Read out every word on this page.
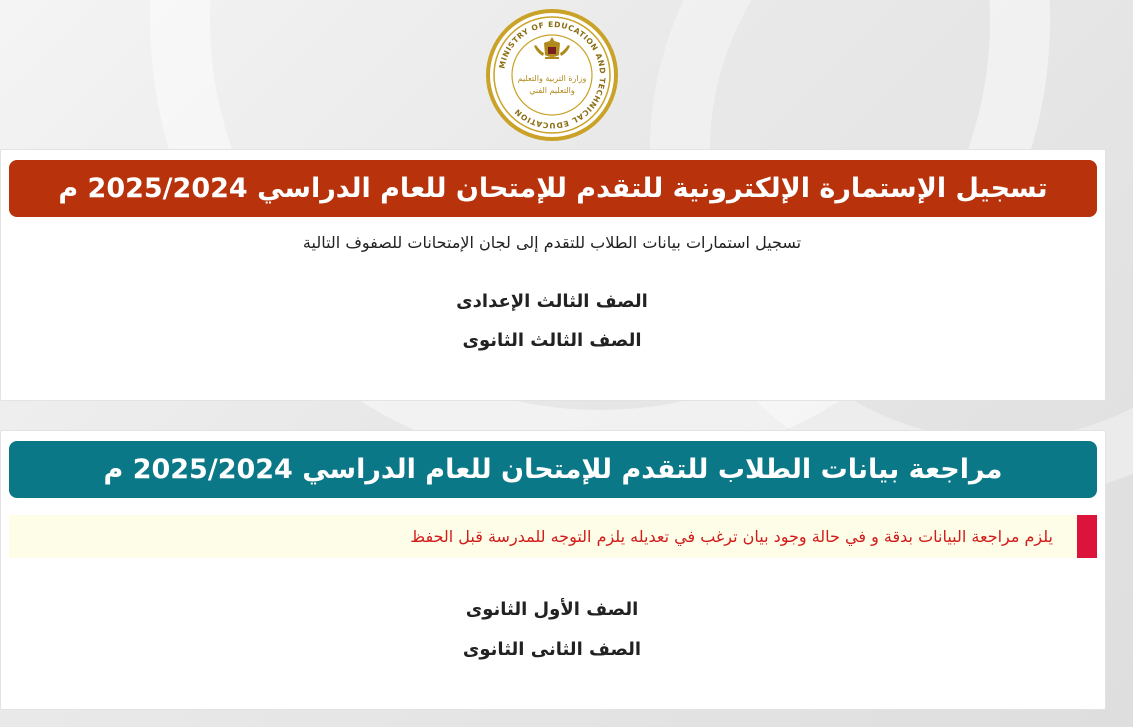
MINISTRY OF EDUCATION AND TECHNICAL EDUCATION
وزارة التربية والتعليم
والتعليم الفني
تسجيل الإستمارة الإلكترونية للتقدم للإمتحان للعام الدراسي 2025/2024 م
تسجيل استمارات بيانات الطلاب للتقدم إلى لجان الإمتحانات للصفوف التالية
الصف الثالث الإعدادى
الصف الثالث الثانوى
مراجعة بيانات الطلاب للتقدم للإمتحان للعام الدراسي 2025/2024 م
يلزم مراجعة البيانات بدقة و في حالة وجود بيان ترغب في تعديله يلزم التوجه للمدرسة قبل الحفظ
الصف الأول الثانوى
الصف الثانى الثانوى
